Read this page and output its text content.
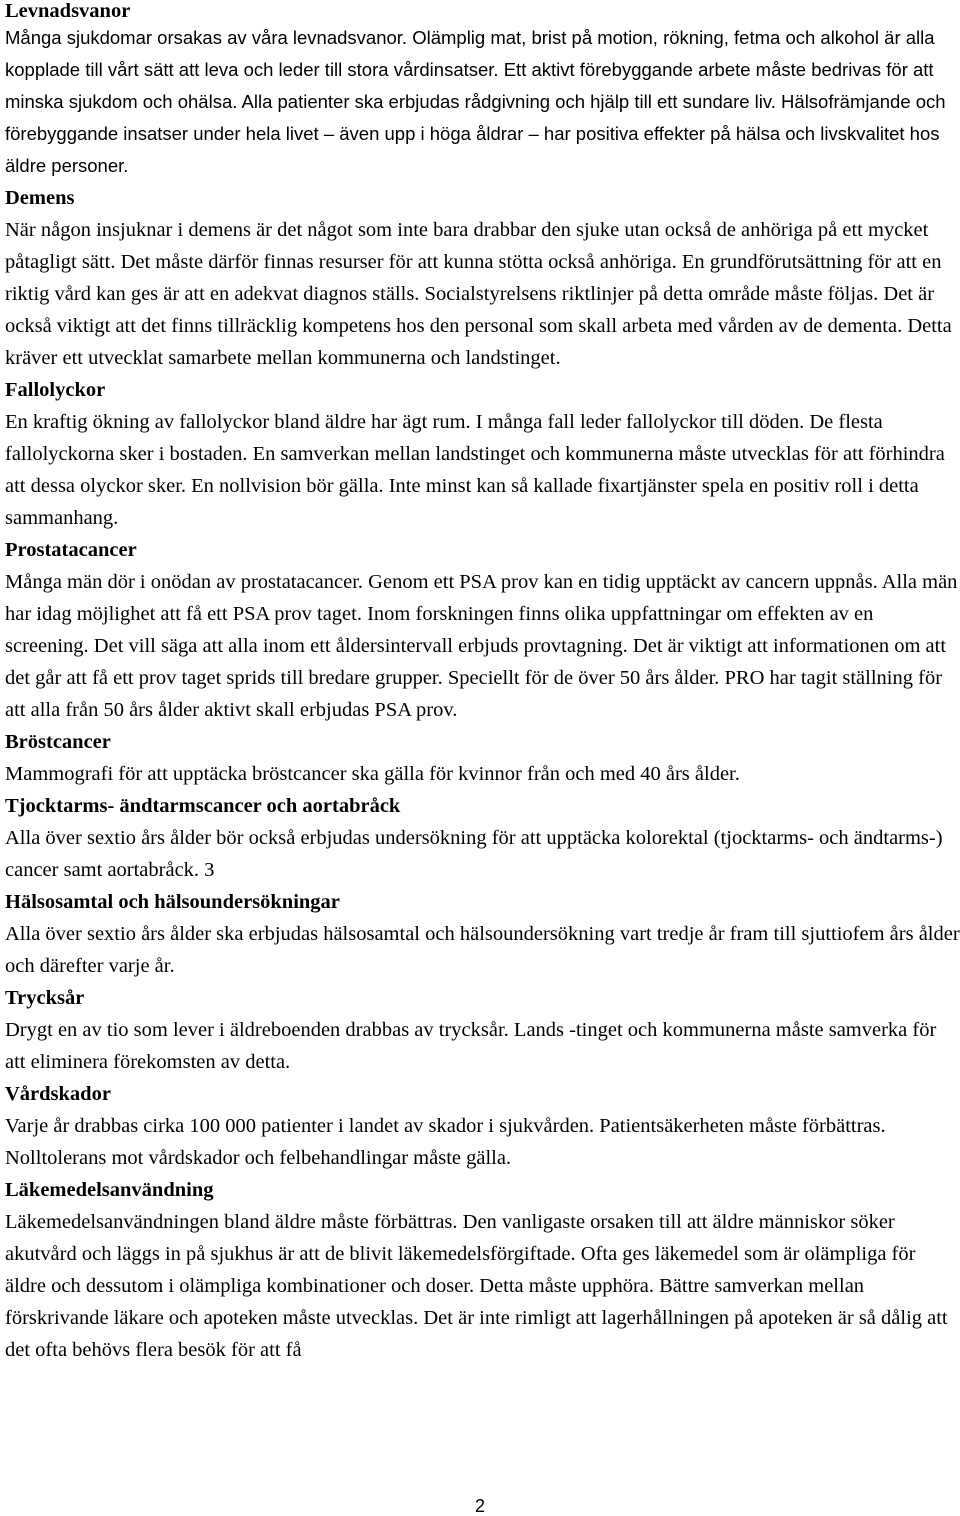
Levnadsvanor

Många sjukdomar orsakas av våra levnadsvanor. Olämplig mat, brist på motion, rökning, fetma och alkohol är alla kopplade till vårt sätt att leva och leder till stora vårdinsatser. Ett aktivt förebyggande arbete måste bedrivas för att minska sjukdom och ohälsa. Alla patienter ska erbjudas rådgivning och hjälp till ett sundare liv. Hälsofrämjande och förebyggande insatser under hela livet – även upp i höga åldrar – har positiva effekter på hälsa och livskvalitet hos äldre personer.

Demens

När någon insjuknar i demens är det något som inte bara drabbar den sjuke utan också de anhöriga på ett mycket påtagligt sätt. Det måste därför finnas resurser för att kunna stötta också anhöriga. En grundförutsättning för att en riktig vård kan ges är att en adekvat diagnos ställs. Socialstyrelsens riktlinjer på detta område måste följas. Det är också viktigt att det finns tillräcklig kompetens hos den personal som skall arbeta med vården av de dementa. Detta kräver ett utvecklat samarbete mellan kommunerna och landstinget.

Fallolyckor

En kraftig ökning av fallolyckor bland äldre har ägt rum. I många fall leder fallolyckor till döden. De flesta fallolyckorna sker i bostaden. En samverkan mellan landstinget och kommunerna måste utvecklas för att förhindra att dessa olyckor sker. En nollvision bör gälla. Inte minst kan så kallade fixartjänster spela en positiv roll i detta sammanhang.

Prostatacancer

Många män dör i onödan av prostatacancer. Genom ett PSA prov kan en tidig upptäckt av cancern uppnås. Alla män har idag möjlighet att få ett PSA prov taget. Inom forskningen finns olika uppfattningar om effekten av en screening. Det vill säga att alla inom ett åldersintervall erbjuds provtagning. Det är viktigt att informationen om att det går att få ett prov taget sprids till bredare grupper. Speciellt för de över 50 års ålder. PRO har tagit ställning för att alla från 50 års ålder aktivt skall erbjudas PSA prov.

Bröstcancer

Mammografi för att upptäcka bröstcancer ska gälla för kvinnor från och med 40 års ålder.

Tjocktarms- ändtarmscancer och aortabråck

Alla över sextio års ålder bör också erbjudas undersökning för att upptäcka kolorektal (tjocktarms- och ändtarms-) cancer samt aortabråck. 3

Hälsosamtal och hälsoundersökningar

Alla över sextio års ålder ska erbjudas hälsosamtal och hälsoundersökning vart tredje år fram till sjuttiofem års ålder och därefter varje år.

Trycksår

Drygt en av tio som lever i äldreboenden drabbas av trycksår. Lands -tinget och kommunerna måste samverka för att eliminera förekomsten av detta.

Vårdskador

Varje år drabbas cirka 100 000 patienter i landet av skador i sjukvården. Patientsäkerheten måste förbättras. Nolltolerans mot vårdskador och felbehandlingar måste gälla.

Läkemedelsanvändning

Läkemedelsanvändningen bland äldre måste förbättras. Den vanligaste orsaken till att äldre människor söker akutvård och läggs in på sjukhus är att de blivit läkemedelsförgiftade. Ofta ges läkemedel som är olämpliga för äldre och dessutom i olämpliga kombinationer och doser. Detta måste upphöra. Bättre samverkan mellan förskrivande läkare och apoteken måste utvecklas. Det är inte rimligt att lagerhållningen på apoteken är så dålig att det ofta behövs flera besök för att få

2
